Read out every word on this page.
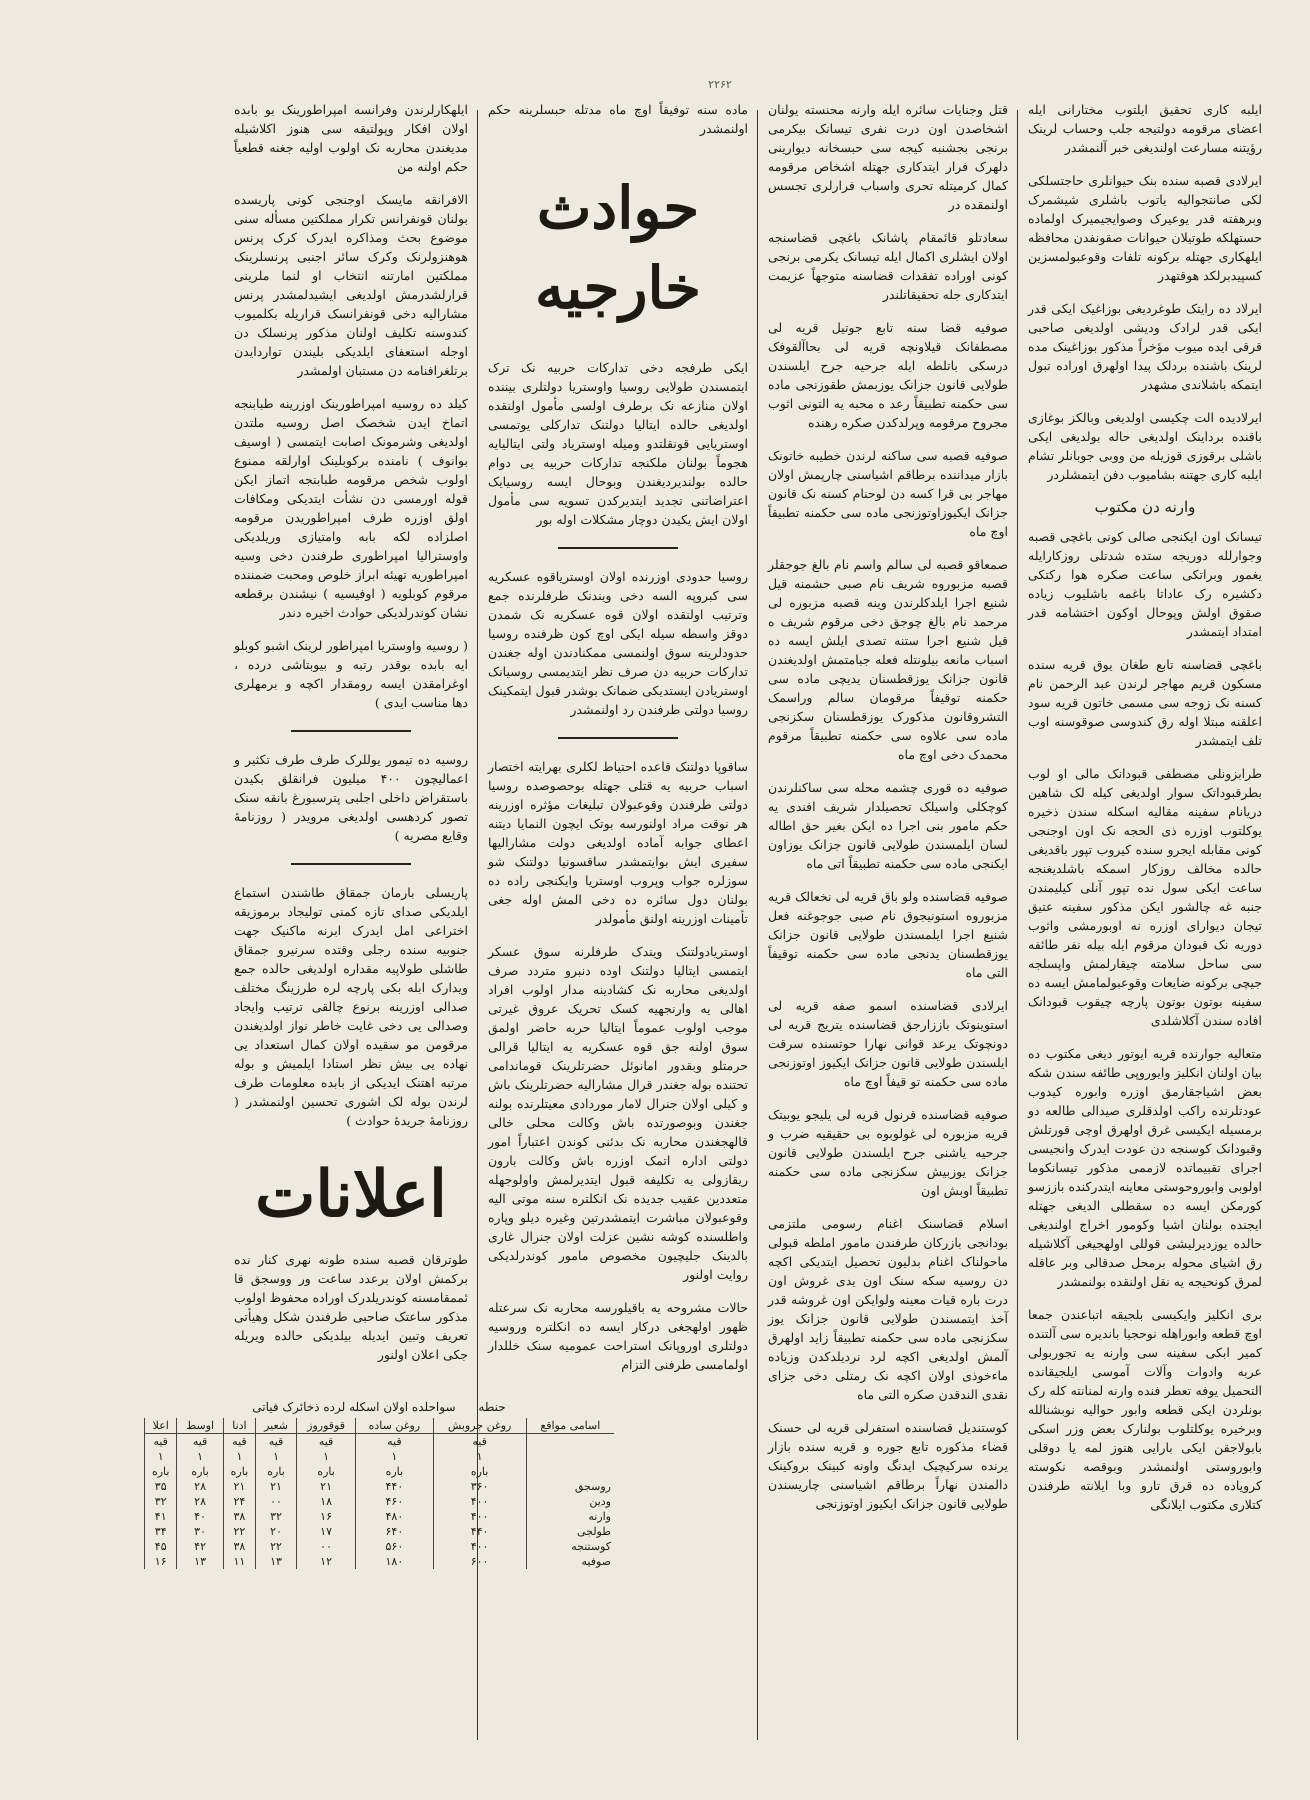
۲۲۶۲

ایلبه کاری تحقیق ایلتوب مختارانی ایله اعضای مرقومه دولتیجه جلب وحساب لرینک رؤیتنه مسارعت اولندیغی خبر آلنمشدر

ایرلادی قصبه سنده بنک حیوانلری حاجتسلکی لکی صانتجوالیه یاتوب باشلری شیشمرک وبرهفته قدر یوعیرک وصوایجیمیرک اولماده حستهلکه طوتیلان حیوانات صقونفدن محافظه ایلهکاری جهتله برکونه تلفات وقوعبولمسزین کسپیدبرلکد هوقتهدر

ایرلاد ده رایتک طوغردیغی بوزاغیک ایکی قدر ایکی قدر لرادک ودیشی اولدیغی صاحبی قرقی ایده میوب مؤخراً مذکور بوزاغینک مده لرینک باشنده بردلک پیدا اولهرق اوراده تبول ایتمکه باشلاندی مشهدر

ایرلادیده الت چکیسی اولدیغی وبالکز بوغازی باقنده برداینک اولدیغی حاله بولدیغی ایکی باشلی برقوزی قوزیله من ووبی جوبانلر تشام ایلبه کاری جهتنه بشامیوب دفن ایتمشلردر

وارنه دن مکتوب

تیسانک اون ایکنجی صالی کونی باغچی قصبه وجوارلله دوریجه ستده شدتلی روزکارایله یغمور وبراتکی ساعت صکره هوا رکتکی دکشیره رک عاداتا باغمه باشلیوب زیاده صقوق اولش وپوحال اوکون اختشامه قدر امتداد ایتمشدر

باغچی قضاسنه تابع طغان یوق قریه سنده مسکون قریم مهاجر لرندن عبد الرحمن نام کسنه نک زوجه سی مسمی خاتون قریه سود اعلقنه مبتلا اوله رق کندوسی صوقوسنه اوب تلف ایتمشدر

طرابزونلی مصطفی قبودانک مالی او لوب بطرقبوداتک سوار اولدیغی کیله لک شاهین دریانام سفینه مقالیه اسکله سندن ذخیره یوکلتوب اوزره ذی الحجه نک اون اوجنجی کونی مقابله ایجرو سنده کیروب تپور باقدیغی حالده مخالف روزکار اسمکه باشلدیغنجه ساعت ایکی سول نده تپور آنلی کیلیمندن جنبه غه چالشور ایکن مذکور سفینه عتیق تیجان دیوارای اوزره نه اوبورمشی واثوب دوریه نک قبودان مرقوم ایله بیله نفر طائفه سی ساحل سلامته چیقارلمش واپسلجه جیچی برکونه ضایعات وقوعبولمامش ایسه ده سفینه بوتون بوتون پارچه چیقوب قبودانک افاده سندن آکلاشلدی

متعالیه جوارنده قریه ایوتور دیغی مکتوب ده بیان اولنان انکلیز وایوروپی طائفه سندن شکه بعض اشیاجقارمق اوزره وابوره کیدوب عودتلرنده راکب اولدقلری صیدالی طالعه دو برمسیله ایکیسی غرق اولهرق اوچی قورتلش وقبودانک کوسنجه دن عودت ایدرک وانجیسی اجرای تقبیماتده لازممی مذکور تیسانکوما اولوبی وابوروحوستی معاینه ایتدرکنده باززسو کورمکن ایسه ده سقطلی الدیغی جهتله ایجنده بولنان اشیا وکومور اخراج اولندیغی حالده یوزدیرلیشی قوللی اولهجیغی آکلاشیله رق اشیای محوله برمحل صدقالی وبر عاقله لمرق کونحیجه یه نقل اولنقده بولنمشدر

بری انکلیز وایکیسی بلجیقه اتباعندن جمعا اوچ قطعه وابوراهله نوحجیا باندیره سی آلتنده کمیر ابکی سفینه سی وارنه یه تجوربولی عربه وادوات وآلات آموسی ایلجیقانده التحمیل یوفه تعطر فنده وارنه لمنانته کله رک بونلردن ایکی قطعه وابور حوالیه نوبشنالله وبرخیره یوکلتلوب بولنارک بعض وزر اسکی بابولاجقن ایکی بارایی هنوز لمه یا دوقلی وابوروستی اولنمشدر وبوقصه نکوسته کرویاده ده قرق تارو وبا ایلانته طرفندن کتلاری مکتوب ایلانگی

قتل وجنایات سائره ایله وارنه محنسته یولنان اشخاصدن اون درت نفری تیسانک بیکرمی برنجی بجشنبه کیجه سی حبسخانه دیوارینی دلهرک فرار ایتدکاری جهتله اشخاص مرقومه کمال کرمیتله تحری واسباب فرارلری تجسس اولنمقده در

سعادتلو قائمقام پاشانک باغچی قضاسنجه اولان ایشلری اکمال ایله تیسانک یکرمی برنجی کونی اوراده تفقدات قضاسنه متوجهاً عزیمت ایتدکاری جله تحقیقاتلندر

صوفیه قضا سنه تابع جوتیل قریه لی مصطفانک قیلاونچه قریه لی بحاآلقوفک درسکی باتلطه ایله جرحیه جرح ایلسندن طولایی قانون جزانک یوزبمش طقوزنجی ماده سی حکمنه تطبیقاً رعد ه محبه یه التونی اثوب مجروح مرقومه وپرلدکدن صکره رهنده

صوفیه قصبه سی ساکنه لرندن خطیبه خاتونک بازار میداننده برطاقم اشیاسنی چارپمش اولان مهاجر بی قرا کسه دن لوحنام کسنه نک قانون جزانک ایکیوزاوتوزنجی ماده سی حکمنه تطبیقاً اوچ ماه

صمعاقو قصبه لی سالم واسم نام بالغ جوجقلر قصبه مزبوروه شریف نام صبی حشمنه قیل شنیع اجرا ایلدکلرندن وینه قصبه مزبوره لی مرحمد نام بالغ چوجق دخی مرقوم شریف ه قیل شنیع اجرا ستنه تصدی ایلش ایسه ده اسباب مانعه بیلونتله فعله جبامتمش اولدیغندن قانون جزانک یوزقطسنان یدیچی ماده سی حکمنه توقیفاً مرقومان سالم وراسمک التشروقانون مذکورک یوزقطسنان سکزنجی ماده سی علاوه سی حکمنه تطبیقاً مرقوم محمدک دخی اوچ ماه

صوفیه ده قوری چشمه محله سی ساکنلرندن کوچکلی واسیلک تحصیلدار شریف افندی یه حکم مامور بنی اجرا ده ایکن بغیر حق اطاله لسان ایلمسندن طولایی قانون جزانک یوزاون ایکنجی ماده سی حکمنه تطبیقاً اتی ماه

صوفیه قضاسنده ولو باق قریه لی نخعالک قریه مزبوروه استونیجوق نام صبی جوجوغنه فعل شنیع اجرا ایلمسندن طولایی قانون جزانک یوزقطسنان یدنجی ماده سی حکمنه توقیفاً التی ماه

ایرلادی قضاسنده اسمو صفه قریه لی استوینوتک باززارجق قضاسنده یتریج قریه لی دونچوتک یرعد قوانی نهارا حوتسنده سرقت ایلسندن طولایی قانون جزانک ایکیوز اوتوزنجی ماده سی حکمنه تو قیفاً اوچ ماه

صوفیه قضاسنده قرنول قریه لی یلیجو یوبیتک قریه مزبوره لی غولوبوه بی حقیقیه ضرب و جرحیه یاشنی جرح ایلسندن طولایی قانون جزانک یوزبیش سکزنجی ماده سی حکمنه تطبیقاً اوبش اون

اسلام قضاسنک اغنام رسومی ملتزمی بودانجی بازرکان طرفندن مامور املطه قبولی ماحولناک اغنام بدلیون تحصیل ایتدیکی اکچه دن روسیه سکه سنک اون یدی غروش اون درت باره قیات معینه ولوایکن اون غروشه قدر آخذ ایتمسندن طولایی قانون جزانک یوز سکزنجی ماده سی حکمنه تطبیقاً زاید اولهرق آلمش اولدیغی اکچه لرد نردیلدکدن وزیاده ماءخوذی اولان اکچه نک رمتلی دخی جزای نقدی الندقدن صکره التی ماه

کوستندیل قضاسنده استفرلی قریه لی حسنک قضاء مذکوره تابع جوره و قریه سنده بازار یرنده سرکیچیک ایدنگ واونه کبینک بروکینک دالمندن نهاراً برطاقم اشیاسنی چاریسندن طولایی قانون جزانک ایکیوز اوتوزنجی

ماده سنه توفیقاً اوچ ماه مدتله حبسلرینه حکم اولنمشدر

حوادث خارجیه

ایکی طرفجه دخی تدارکات حربیه نک ترک ایتمسندن طولایی روسیا واوستریا دولتلری بیننده اولان منازعه نک برطرف اولسی مأمول اولنقده اولدیغی حالده ایتالیا دولتنک تدارکلی یوتمسی اوستریایی قونقلتدو ومیله اوستریاد ولتی ایتالیایه هجوماً بولنان ملکنجه تدارکات حربیه یی دوام حالده بولندیردیغندن وبوحال ایسه روسیایک اعتراضاتنی تجدید ایتدیرکدن تسویه سی مأمول اولان ایش یکیدن دوچار مشکلات اوله بور

روسیا حدودی اوزرنده اولان اوستریاقوه عسکریه سی کبروپه السه دخی ویندنک طرفلرنده جمع وترتیب اولنقده اولان قوه عسکریه نک شمدن دوقز واسطه سیله ایکی اوچ کون ظرفنده روسیا حدودلرینه سوق اولنمسی ممکنادندن اوله جغندن تدارکات حربیه دن صرف نظر ایتدیمسی روسیانک اوستریادن ایستدیکی ضمانک بوشدر قبول ایتمکینک روسیا دولتی طرفندن رد اولنمشدر

ساقوپا دولتنک قاعده احتیاط لکلری بهرایته اختصار اسباب حربیه یه قتلی جهتله بوحصوصده روسیا دولتی طرفندن وقوعبولان تبلیغات مؤثره اوزرینه هر نوقت مراد اولنورسه بوتک ایچون النمایا دیتنه اعطای جوابه آماده اولدیغی دولت مشارالیها سفیری ایش بوایتمشدر ساقسونیا دولتنک شو سوزلره جواب وپروب اوستریا وایکنجی راده ده بولنان دول سائره ده دخی المش اوله جغی تأمینات اوزرینه اولنق مأمولدر

اوستریادولتنک ویندک طرفلرنه سوق عسکر ایتمسی ایتالیا دولتنک اوده دنبرو متردد صرف اولدیغی محاربه نک کشادینه مدار اولوب افراد اهالی یه وارنجهیه کسک تحریک عروق غیرتی موجب اولوب عموماً ایتالیا حربه حاضر اولمق سوق اولنه جق قوه عسکریه یه ایتالیا قرالی حرمتلو وبقدور امانوئل حضرتلرینک قوماندامی تحتنده بوله جغندر قرال مشارالیه حضرتلرینک باش و کیلی اولان جنرال لامار موردادی معیتلرنده بولنه جغندن وبوصورتده باش وکالت محلی خالی قالهجغندن محاربه نک بدئنی کوندن اعتباراً امور دولتی اداره اتمک اوزره باش وکالت بارون ریقازولی یه تکلیفه قبول ایتدیرلمش واولوجهله متعددین عقیب جدیده نک انکلتره سنه موتی الیه وقوعبولان مباشرت ایتمشدرتین وغیره دیلو وپاره واطلسنده کوشه نشین عزلت اولان جنرال غاری بالدینک جلیچیون مخصوص مامور کوندرلدیکی روایت اولنور

حالات مشروحه یه باقیلورسه محاربه نک سرعتله ظهور اولهجغی درکار ایسه ده انکلتره وروسیه دولتلری اوروپانک استراحت عمومیه سنک خللدار اولمامسی طرفنی التزام

ایلهکارلرندن وفرانسه امپراطورینک بو بابده اولان افکار وپولتیقه سی هنوز اکلاشیله مدیغندن محاربه نک اولوب اولیه جغنه قطعیاً حکم اولنه من

الافرانقه مایسک اوجنجی کونی پاریسده بولنان قونفرانس تکرار مملکتین مسأله سنی موضوع بحث ومذاکره ایدرک کرک پرنس هوهنزولرنک وکرک سائر اجنبی پرنسلرینک مملکتین امارتنه انتخاب او لنما ملرینی قرارلشدرمش اولدیغی ایشیدلمشدر پرنس مشارالیه دخی قونفرانسک قراریله بکلمیوب کندوسنه تکلیف اولنان مذکور پرنسلک دن اوجله استعفای ایلدیکی بلیندن تواردایدن برتلغرافنامه دن مستبان اولمشدر

کیلد ده روسیه امپراطورینک اوزرینه طبابنجه اتماخ ایدن شخصک اصل روسیه ملتدن اولدیغی وشرمونک اصابت ایتمسی ( اوسیف بوانوف ) نامنده برکوبلینک اوارلقه ممنوع اولوب شخص مرقومه طبابنجه اتماز ایکن قوله اورمسی دن نشأت ایتدیکی ومکافات اولق اوزره طرف امپراطوریدن مرقومه اصلزاده لکه بابه وامتیازی وریلدیکی واوسترالیا امپراطوری طرفندن دخی وسیه امپراطوریه تهیئه ابراز خلوص ومحبت ضمننده مرقوم کوبلویه ( اوفیسیه ) نیشندن برقطعه نشان کوندرلدیکی حوادث اخیره دندر

( روسیه واوستریا امپراطور لرینک اشبو کوبلو ایه بابده بوقدر رتبه و بیوبتاشی درده ، اوغرامقدن ایسه رومقدار اکچه و برمهلری دها مناسب ایدی )

روسیه ده تیمور یوللرک طرف طرف تکثیر و اعماليچون ۴۰۰ میلیون فرانقلق بکیدن باستقراض داخلی اجلبی پترسبورغ بانقه سنک تصور کردهسی اولدیغی مرویدر ( روزنامۀ وقایع مصریه )

پاریسلی بارمان جمقاق طاشندن استماع ایلدیکی صدای تازه کمنی تولیجاد برموزیقه اختراعی امل ایدرک ابرنه ماکنیک جهت جنوبیه سنده رجلی وقتده سرنیرو جمقاق طاشلی طولاپیه مقداره اولدیغی حالده جمع ویدارک ابله بکی پارچه لره طرزینگ مختلف صدالی اوزرینه برنوع چالقی ترتیب وایجاد وصدالی یی دخی غایت خاطر نواز اولدیغندن مرقومن مو سقیده اولان کمال استعداد یی نهاده یی بیش نظر استادا ایلمیش و بوله مرتبه اهتنک ایدیکی از بابده معلومات طرف لرندن بوله لک اشوری تحسین اولنمشدر ( روزنامۀ جریدۀ حوادث )

اعلانات

طوترقان قصبه سنده طونه نهری کنار نده برکمش اولان برعدد ساعت ور ووسجق قا ئممقامسنه کوندریلدرک اوراده محفوظ اولوب مذکور ساعتک صاحبی طرفندن شکل وهیأتی تعریف وتبین ایدیله بیلدیکی حالده ویریله جکی اعلان اولنور

حنطه      سواحلده اولان اسکله لرده ذخائرک فیاتی
اسامی مواقع	روغن جروبش	روغن ساده	قوقوروز	شعیر	ادنا	اوسط	اعلا
	قیه	قیه	قیه	قیه	قیه	قیه	قیه
	۱	۱	۱	۱	۱	۱	۱
	باره	باره	باره	باره	باره	باره	باره
روسجق	۳۶۰	۴۴۰	۲۱	۲۱	۲۱	۲۸	۳۵
ودین	۴۰۰	۴۶۰	۱۸	۰۰	۲۴	۲۸	۳۲
وارنه	۴۰۰	۴۸۰	۱۶	۳۲	۳۸	۴۰	۴۱
طولجی	۴۴۰	۶۴۰	۱۷	۲۰	۲۲	۳۰	۳۴
کوستنجه	۴۰۰	۵۶۰	۰۰	۲۲	۳۸	۴۲	۴۵
صوفیه	۶۰۰	۱۸۰	۱۲	۱۳	۱۱	۱۳	۱۶
